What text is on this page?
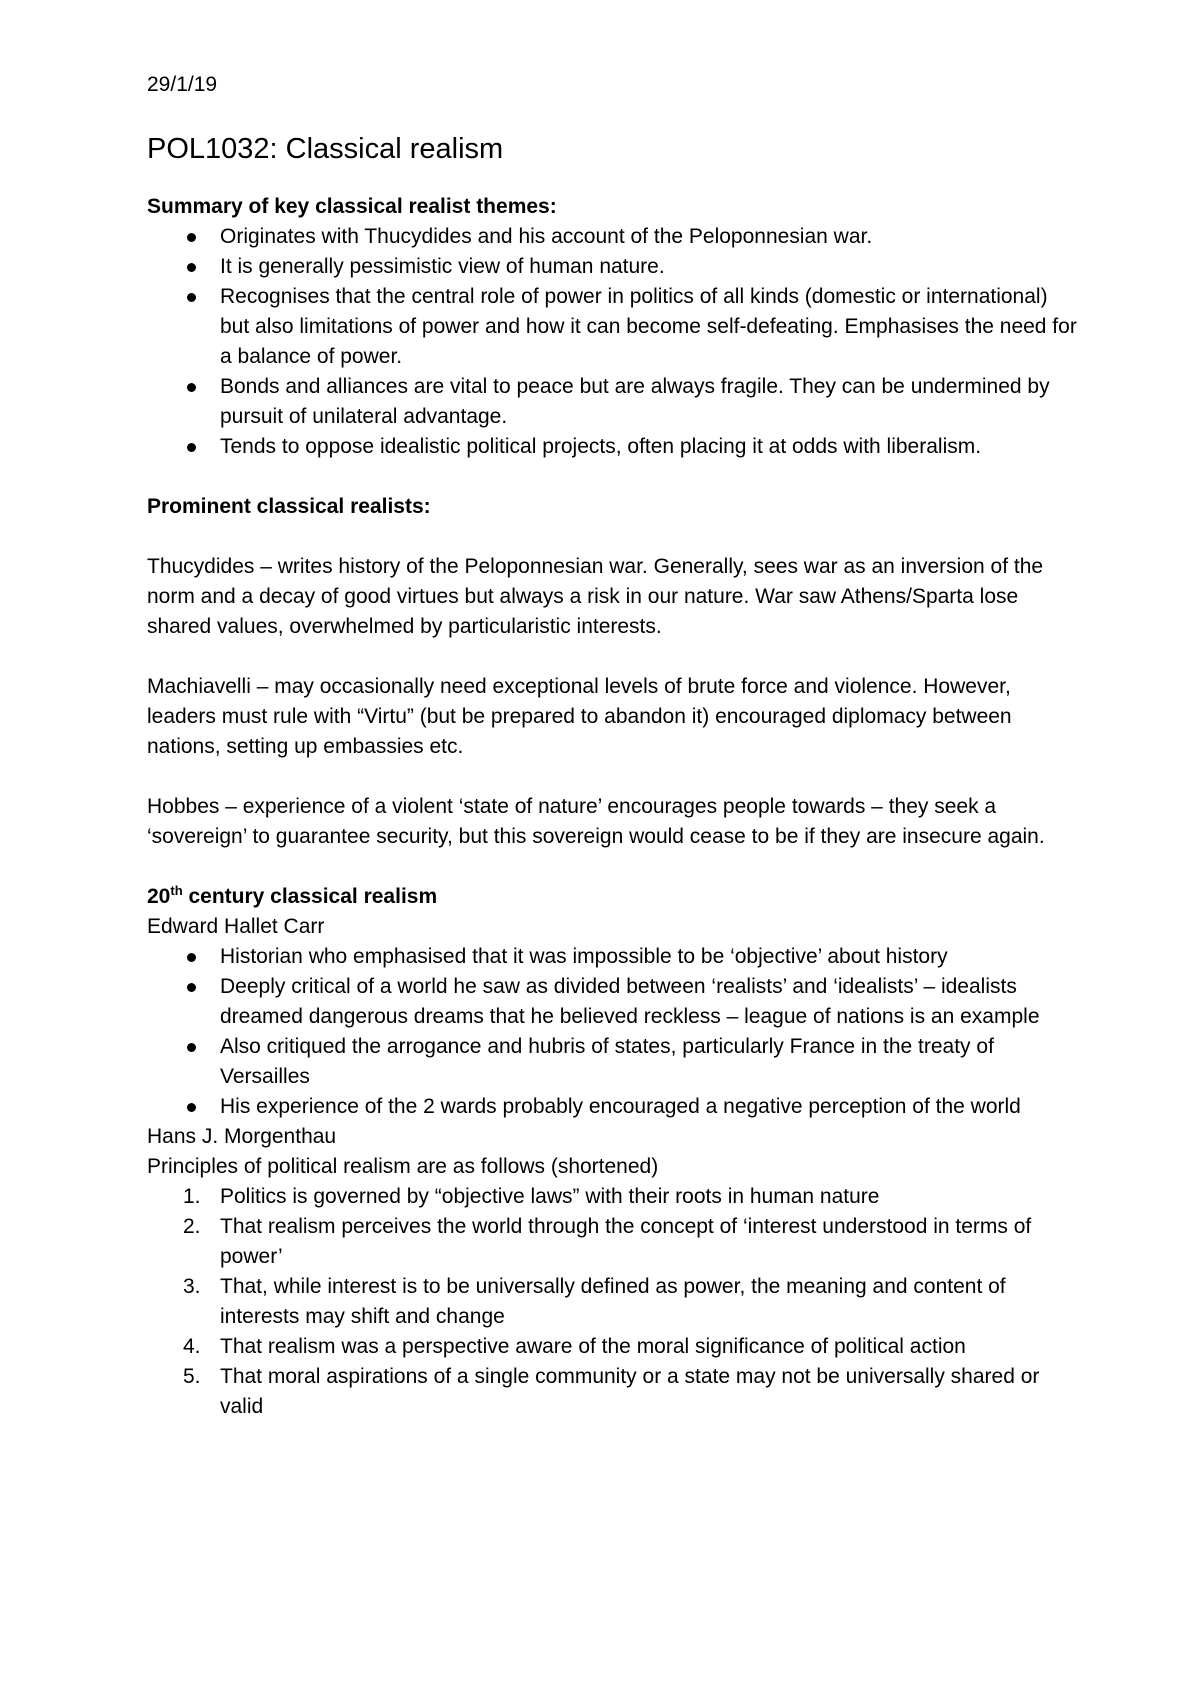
29/1/19
POL1032: Classical realism
Summary of key classical realist themes:
Originates with Thucydides and his account of the Peloponnesian war.
It is generally pessimistic view of human nature.
Recognises that the central role of power in politics of all kinds (domestic or international) but also limitations of power and how it can become self-defeating. Emphasises the need for a balance of power.
Bonds and alliances are vital to peace but are always fragile. They can be undermined by pursuit of unilateral advantage.
Tends to oppose idealistic political projects, often placing it at odds with liberalism.
Prominent classical realists:

Thucydides – writes history of the Peloponnesian war. Generally, sees war as an inversion of the norm and a decay of good virtues but always a risk in our nature. War saw Athens/Sparta lose shared values, overwhelmed by particularistic interests.

Machiavelli – may occasionally need exceptional levels of brute force and violence. However, leaders must rule with “Virtu” (but be prepared to abandon it) encouraged diplomacy between nations, setting up embassies etc.

Hobbes – experience of a violent ‘state of nature’ encourages people towards – they seek a ‘sovereign’ to guarantee security, but this sovereign would cease to be if they are insecure again.

20th century classical realism
Edward Hallet Carr
Historian who emphasised that it was impossible to be ‘objective’ about history
Deeply critical of a world he saw as divided between ‘realists’ and ‘idealists’ – idealists dreamed dangerous dreams that he believed reckless – league of nations is an example
Also critiqued the arrogance and hubris of states, particularly France in the treaty of Versailles
His experience of the 2 wards probably encouraged a negative perception of the world
Hans J. Morgenthau
Principles of political realism are as follows (shortened)
1. Politics is governed by “objective laws” with their roots in human nature
2. That realism perceives the world through the concept of ‘interest understood in terms of power’
3. That, while interest is to be universally defined as power, the meaning and content of interests may shift and change
4. That realism was a perspective aware of the moral significance of political action
5. That moral aspirations of a single community or a state may not be universally shared or valid
